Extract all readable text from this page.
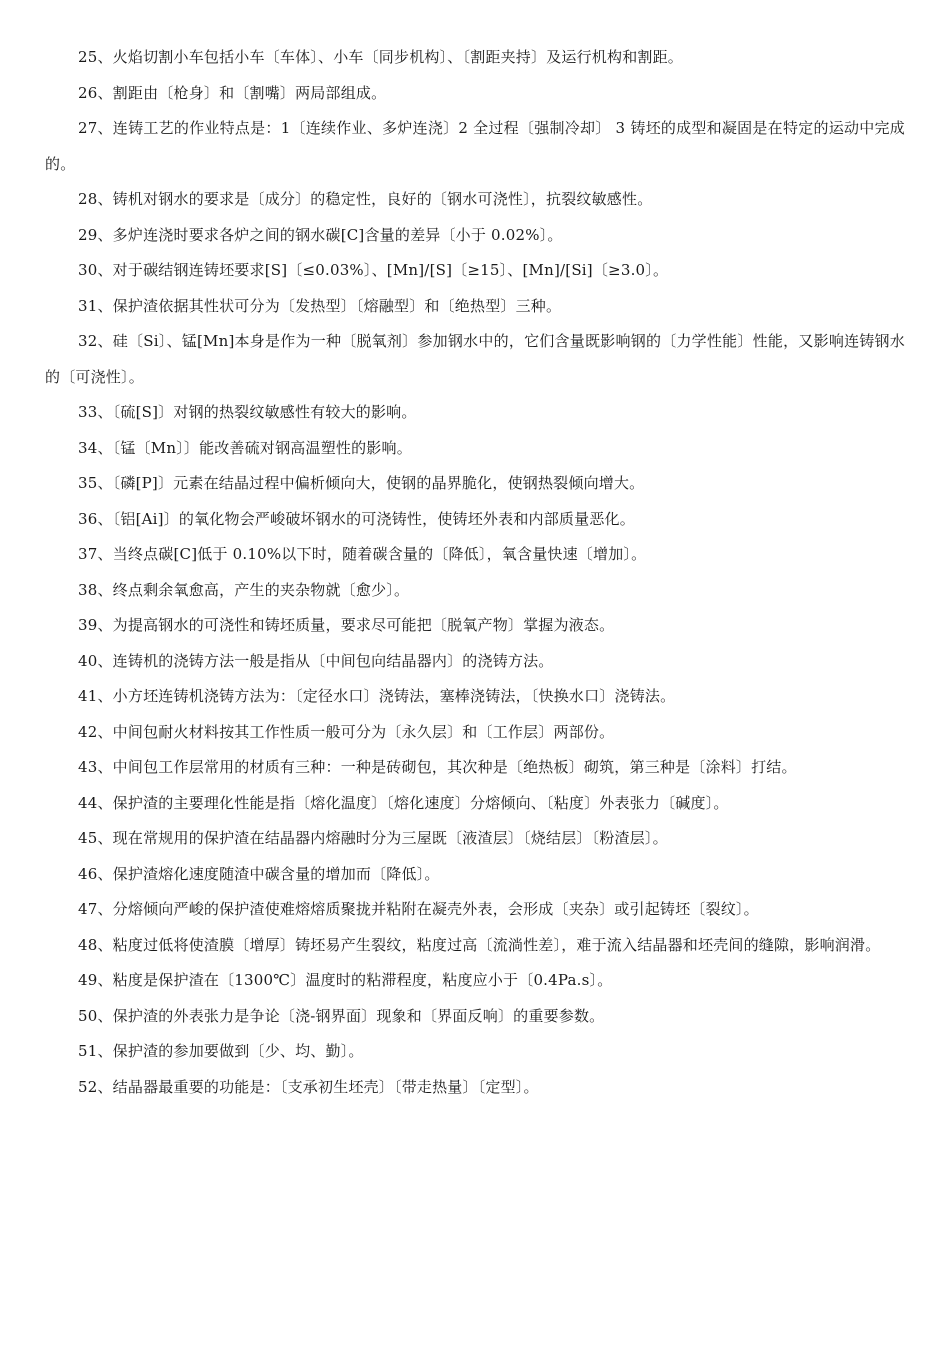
25、火焰切割小车包括小车〔车体〕、小车〔同步机构〕、〔割距夹持〕及运行机构和割距。

26、割距由〔枪身〕和〔割嘴〕两局部组成。

27、连铸工艺的作业特点是：1〔连续作业、多炉连浇〕2 全过程〔强制冷却〕 3 铸坯的成型和凝固是在特定的运动中完成的。

28、铸机对钢水的要求是〔成分〕的稳定性，良好的〔钢水可浇性〕，抗裂纹敏感性。

29、多炉连浇时要求各炉之间的钢水碳[C]含量的差异〔小于 0.02%〕。

30、对于碳结钢连铸坯要求[S]〔≤0.03%〕、[Mn]/[S]〔≥15〕、[Mn]/[Si]〔≥3.0〕。

31、保护渣依据其性状可分为〔发热型〕〔熔融型〕和〔绝热型〕三种。

32、硅〔Si〕、锰[Mn]本身是作为一种〔脱氧剂〕参加钢水中的，它们含量既影响钢的〔力学性能〕性能，又影响连铸钢水的〔可浇性〕。

33、〔硫[S]〕对钢的热裂纹敏感性有较大的影响。

34、〔锰〔Mn〕〕能改善硫对钢高温塑性的影响。

35、〔磷[P]〕元素在结晶过程中偏析倾向大，使钢的晶界脆化，使钢热裂倾向增大。

36、〔铝[Ai]〕的氧化物会严峻破坏钢水的可浇铸性，使铸坯外表和内部质量恶化。

37、当终点碳[C]低于 0.10%以下时，随着碳含量的〔降低〕，氧含量快速〔增加〕。

38、终点剩余氧愈高，产生的夹杂物就〔愈少〕。

39、为提高钢水的可浇性和铸坯质量，要求尽可能把〔脱氧产物〕掌握为液态。

40、连铸机的浇铸方法一般是指从〔中间包向结晶器内〕的浇铸方法。

41、小方坯连铸机浇铸方法为：〔定径水口〕浇铸法，塞棒浇铸法，〔快换水口〕浇铸法。

42、中间包耐火材料按其工作性质一般可分为〔永久层〕和〔工作层〕两部份。

43、中间包工作层常用的材质有三种：一种是砖砌包，其次种是〔绝热板〕砌筑，第三种是〔涂料〕打结。

44、保护渣的主要理化性能是指〔熔化温度〕〔熔化速度〕分熔倾向、〔粘度〕外表张力〔碱度〕。

45、现在常规用的保护渣在结晶器内熔融时分为三屋既〔液渣层〕〔烧结层〕〔粉渣层〕。

46、保护渣熔化速度随渣中碳含量的增加而〔降低〕。

47、分熔倾向严峻的保护渣使难熔熔质聚拢并粘附在凝壳外表，会形成〔夹杂〕或引起铸坯〔裂纹〕。

48、粘度过低将使渣膜〔增厚〕铸坯易产生裂纹，粘度过高〔流淌性差〕，难于流入结晶器和坯壳间的缝隙，影响润滑。

49、粘度是保护渣在〔1300℃〕温度时的粘滞程度，粘度应小于〔0.4Pa.s〕。

50、保护渣的外表张力是争论〔浇-钢界面〕现象和〔界面反响〕的重要参数。

51、保护渣的参加要做到〔少、均、勤〕。

52、结晶器最重要的功能是：〔支承初生坯壳〕〔带走热量〕〔定型〕。
